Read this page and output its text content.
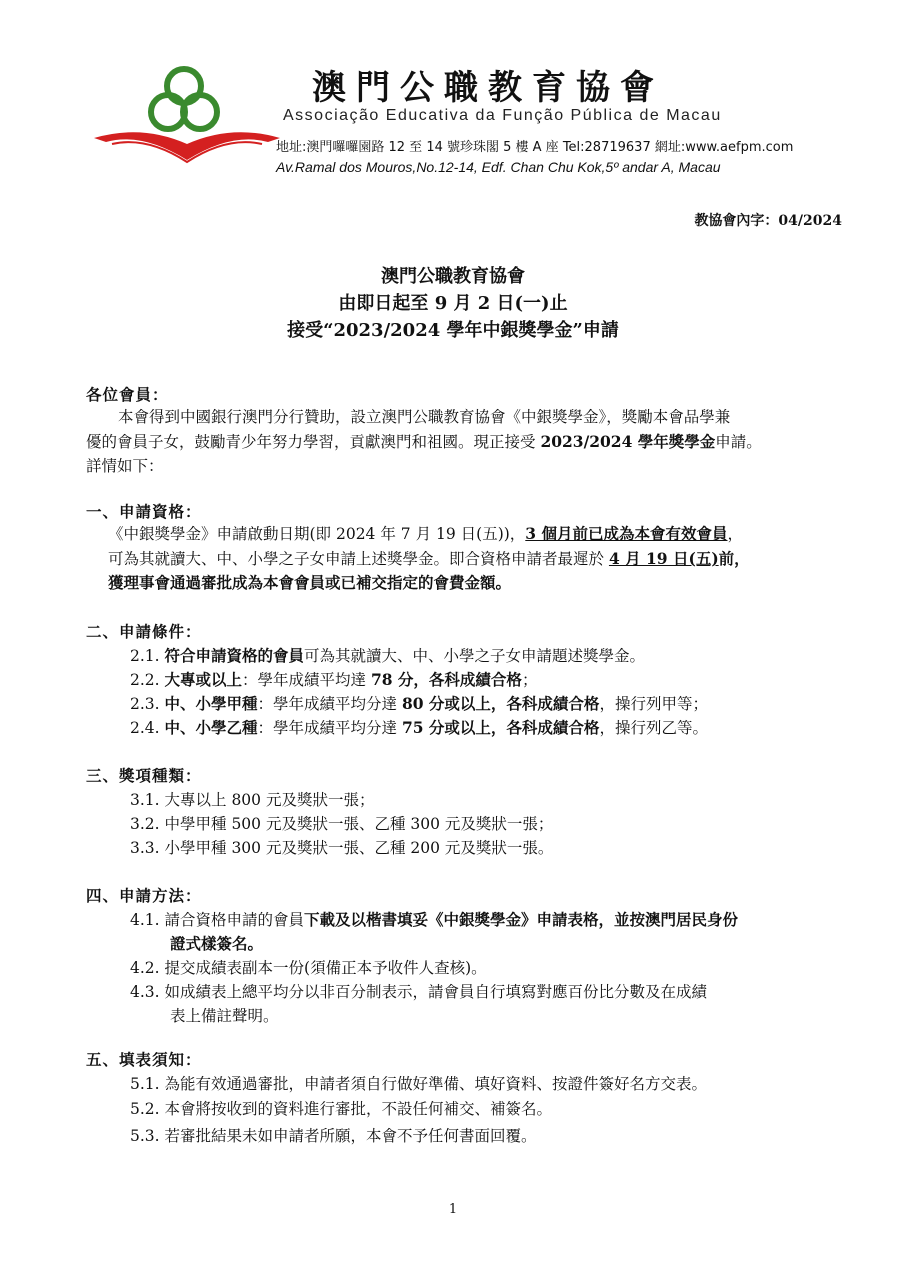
澳門公職教育協會
Associação Educativa da Função Pública de Macau
地址:澳門囉囉園路 12 至 14 號珍珠閣 5 樓 A 座 Tel:28719637 網址:www.aefpm.com
Av.Ramal dos Mouros,No.12-14, Edf. Chan Chu Kok,5º andar A, Macau
教協會內字：04/2024
澳門公職教育協會
由即日起至 9 月 2 日(一)止
接受“2023/2024 學年中銀獎學金”申請
各位會員：
本會得到中國銀行澳門分行贊助，設立澳門公職教育協會《中銀獎學金》，獎勵本會品學兼
優的會員子女，鼓勵青少年努力學習，貢獻澳門和祖國。現正接受 2023/2024 學年獎學金申請。
詳情如下：
一、申請資格：
《中銀獎學金》申請啟動日期(即 2024 年 7 月 19 日(五))，3 個月前已成為本會有效會員，
可為其就讀大、中、小學之子女申請上述獎學金。即合資格申請者最遲於 4 月 19 日(五)前，
獲理事會通過審批成為本會會員或已補交指定的會費金額。
二、申請條件：
2.1. 符合申請資格的會員可為其就讀大、中、小學之子女申請題述獎學金。
2.2. 大專或以上：學年成績平均達 78 分，各科成績合格；
2.3. 中、小學甲種：學年成績平均分達 80 分或以上，各科成績合格，操行列甲等；
2.4. 中、小學乙種：學年成績平均分達 75 分或以上，各科成績合格，操行列乙等。
三、獎項種類：
3.1. 大專以上 800 元及獎狀一張；
3.2. 中學甲種 500 元及獎狀一張、乙種 300 元及獎狀一張；
3.3. 小學甲種 300 元及獎狀一張、乙種 200 元及獎狀一張。
四、申請方法：
4.1. 請合資格申請的會員下載及以楷書填妥《中銀獎學金》申請表格，並按澳門居民身份
證式樣簽名。
4.2. 提交成績表副本一份(須備正本予收件人查核)。
4.3. 如成績表上總平均分以非百分制表示，請會員自行填寫對應百份比分數及在成績
表上備註聲明。
五、填表須知：
5.1. 為能有效通過審批，申請者須自行做好準備、填好資料、按證件簽好名方交表。
5.2. 本會將按收到的資料進行審批，不設任何補交、補簽名。
5.3. 若審批結果未如申請者所願，本會不予任何書面回覆。
1
